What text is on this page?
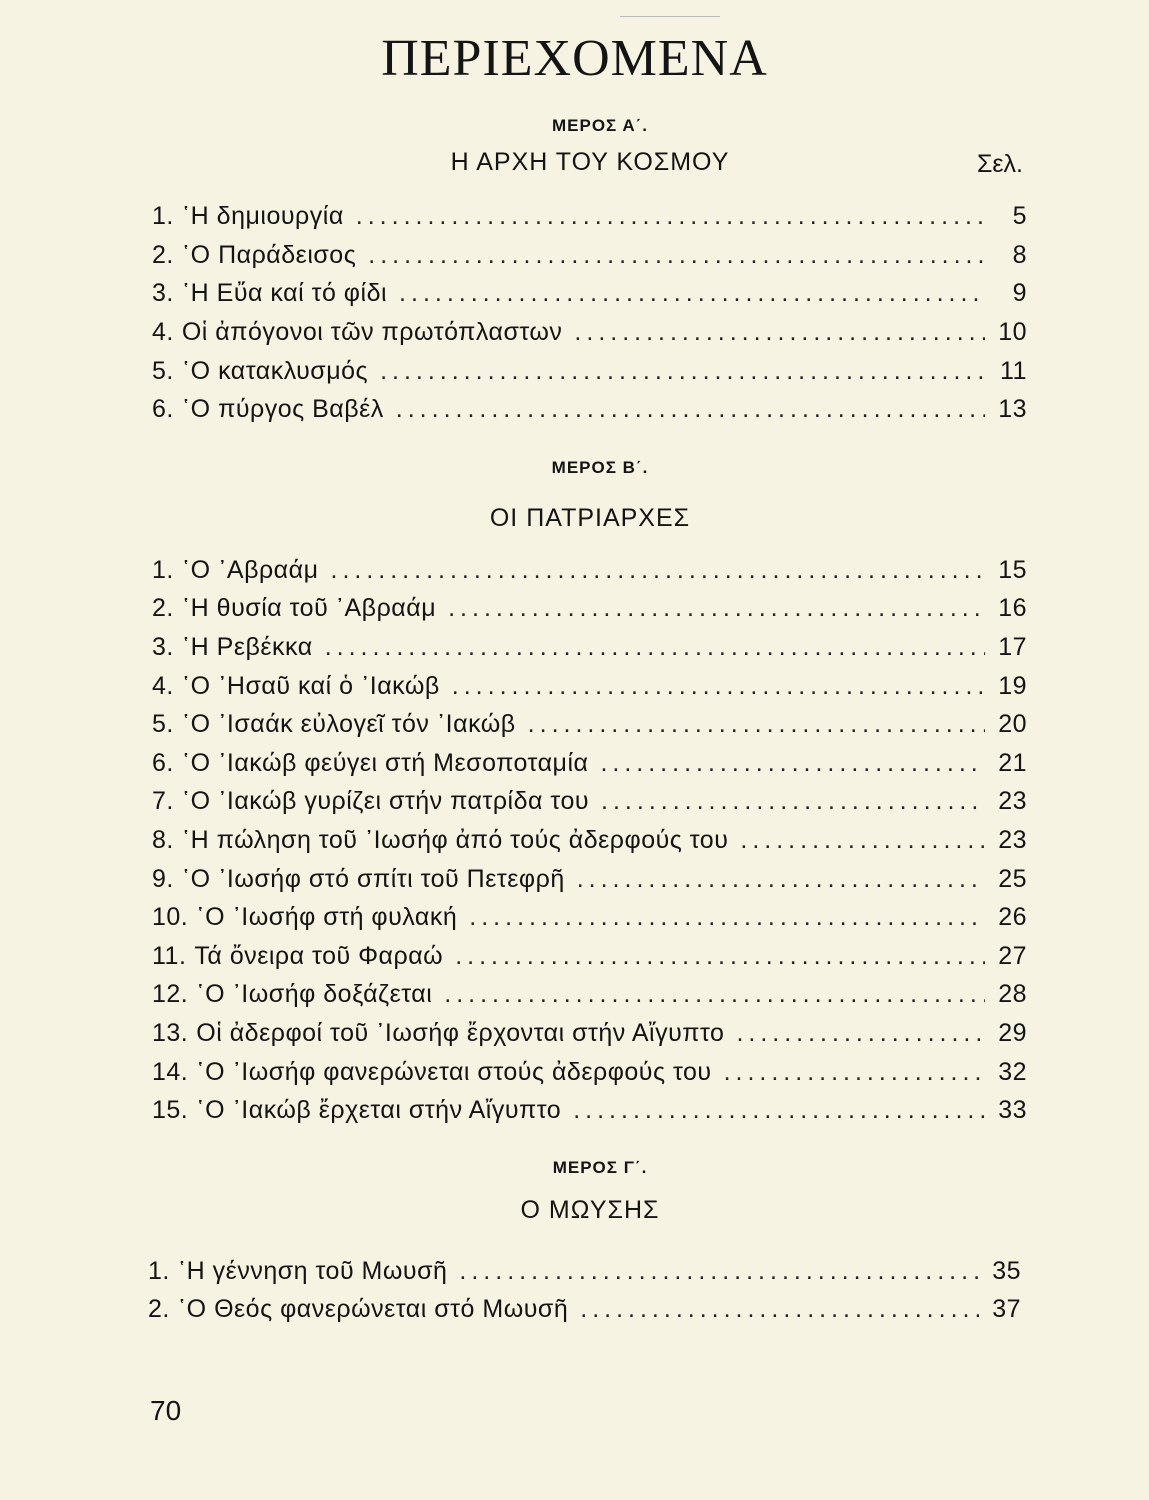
ΠΕΡΙΕΧΟΜΕΝΑ
ΜΕΡΟΣ Α΄.
Η ΑΡΧΗ ΤΟΥ ΚΟΣΜΟΥ	Σελ.
1. ῾Η δημιουργία .....	5
2. ῾Ο Παράδεισος .....	8
3. ῾Η Εὔα καί τό φίδι .....	9
4. Οἱ ἀπόγονοι τῶν πρωτόπλαστων .....	10
5. ῾Ο κατακλυσμός .....	11
6. ῾Ο πύργος Βαβέλ .....	13
ΜΕΡΟΣ Β΄.
ΟΙ ΠΑΤΡΙΑΡΧΕΣ
1. ῾Ο ᾿Αβραάμ .....	15
2. ῾Η θυσία τοῦ ᾿Αβραάμ .....	16
3. ῾Η Ρεβέκκα .....	17
4. ῾Ο ᾿Ησαῦ καί ὁ ᾿Ιακώβ .....	19
5. ῾Ο ᾿Ισαάκ εὐλογεῖ τόν ᾿Ιακώβ .....	20
6. ῾Ο ᾿Ιακώβ φεύγει στή Μεσοποταμία .....	21
7. ῾Ο ᾿Ιακώβ γυρίζει στήν πατρίδα του .....	23
8. ῾Η πώληση τοῦ ᾿Ιωσήφ ἀπό τούς ἀδερφούς του .....	23
9. ῾Ο ᾿Ιωσήφ στό σπίτι τοῦ Πετεφρῆ .....	25
10. ῾Ο ᾿Ιωσήφ στή φυλακή .....	26
11. Τά ὄνειρα τοῦ Φαραώ .....	27
12. ῾Ο ᾿Ιωσήφ δοξάζεται .....	28
13. Οἱ ἀδερφοί τοῦ ᾿Ιωσήφ ἔρχονται στήν Αἴγυπτο .....	29
14. ῾Ο ᾿Ιωσήφ φανερώνεται στούς ἀδερφούς του .....	32
15. ῾Ο ᾿Ιακώβ ἔρχεται στήν Αἴγυπτο .....	33
ΜΕΡΟΣ Γ΄.
Ο ΜΩΥΣΗΣ
1. ῾Η γέννηση τοῦ Μωυσῆ .....	35
2. ῾Ο Θεός φανερώνεται στό Μωυσῆ .....	37
70
